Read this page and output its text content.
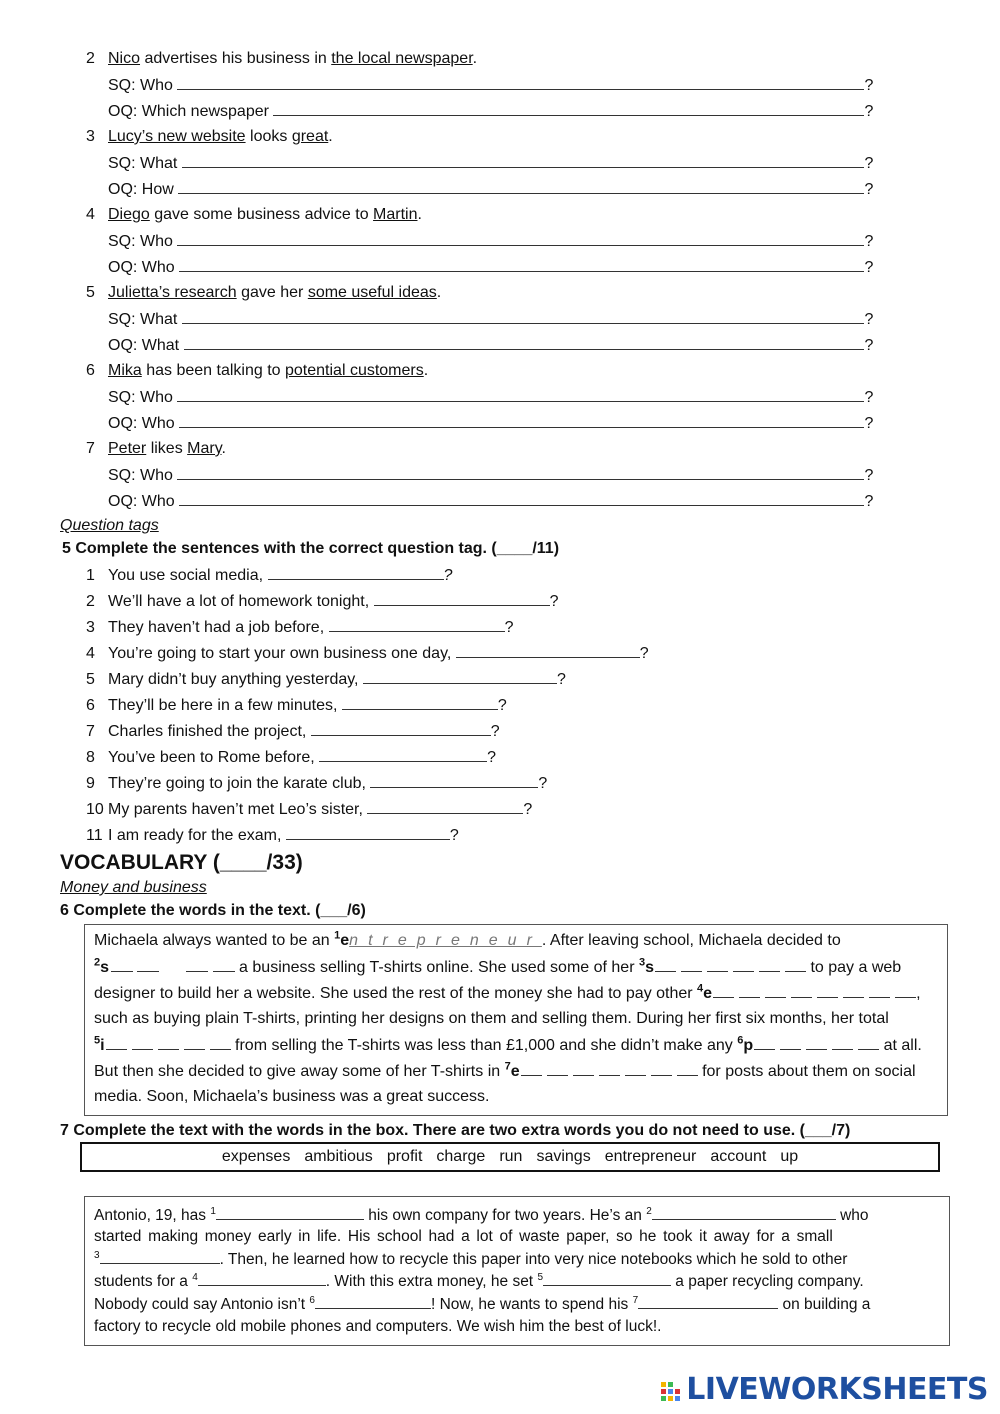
2 Nico advertises his business in the local newspaper.
SQ: Who	?
OQ: Which newspaper	?
3 Lucy’s new website looks great.
SQ: What	?
OQ: How	?
4 Diego gave some business advice to Martin.
SQ: Who	?
OQ: Who	?
5 Julietta’s research gave her some useful ideas.
SQ: What	?
OQ: What	?
6 Mika has been talking to potential customers.
SQ: Who	?
OQ: Who	?
7 Peter likes Mary.
SQ: Who	?
OQ: Who	?
Question tags
5 Complete the sentences with the correct question tag. (____/11)
1 You use social media,	?
2 We’ll have a lot of homework tonight,	?
3 They haven’t had a job before,	?
4 You’re going to start your own business one day,	?
5 Mary didn’t buy anything yesterday,	?
6 They’ll be here in a few minutes,	?
7 Charles finished the project,	?
8 You’ve been to Rome before,	?
9 They’re going to join the karate club,	?
10 My parents haven’t met Leo’s sister,	?
11 I am ready for the exam,	?
VOCABULARY (____/33)
Money and business
6 Complete the words in the text. (___/6)
Michaela always wanted to be an $^1$entrepreneur. After leaving school, Michaela decided to
$^2$s	a business selling T-shirts online. She used some of her $^3$s	to pay a web
designer to build her a website. She used the rest of the money she had to pay other $^4$e	,
such as buying plain T-shirts, printing her designs on them and selling them. During her first six months, her total
$^5$i	from selling the T-shirts was less than £1,000 and she didn’t make any $^6$p	at all.
But then she decided to give away some of her T-shirts in $^7$e	for posts about them on social
media. Soon, Michaela’s business was a great success.
7 Complete the text with the words in the box. There are two extra words you do not need to use. (___/7)
expenses ambitious profit charge run savings entrepreneur account up
Antonio, 19, has $^1$	his own company for two years. He’s an $^2$	who
started making money early in life. His school had a lot of waste paper, so he took it away for a small
$^3$	. Then, he learned how to recycle this paper into very nice notebooks which he sold to other
students for a $^4$	. With this extra money, he set $^5$	a paper recycling company.
Nobody could say Antonio isn’t $^6$	! Now, he wants to spend his $^7$	on building a
factory to recycle old mobile phones and computers. We wish him the best of luck!.
LIVEWORKSHEETS
